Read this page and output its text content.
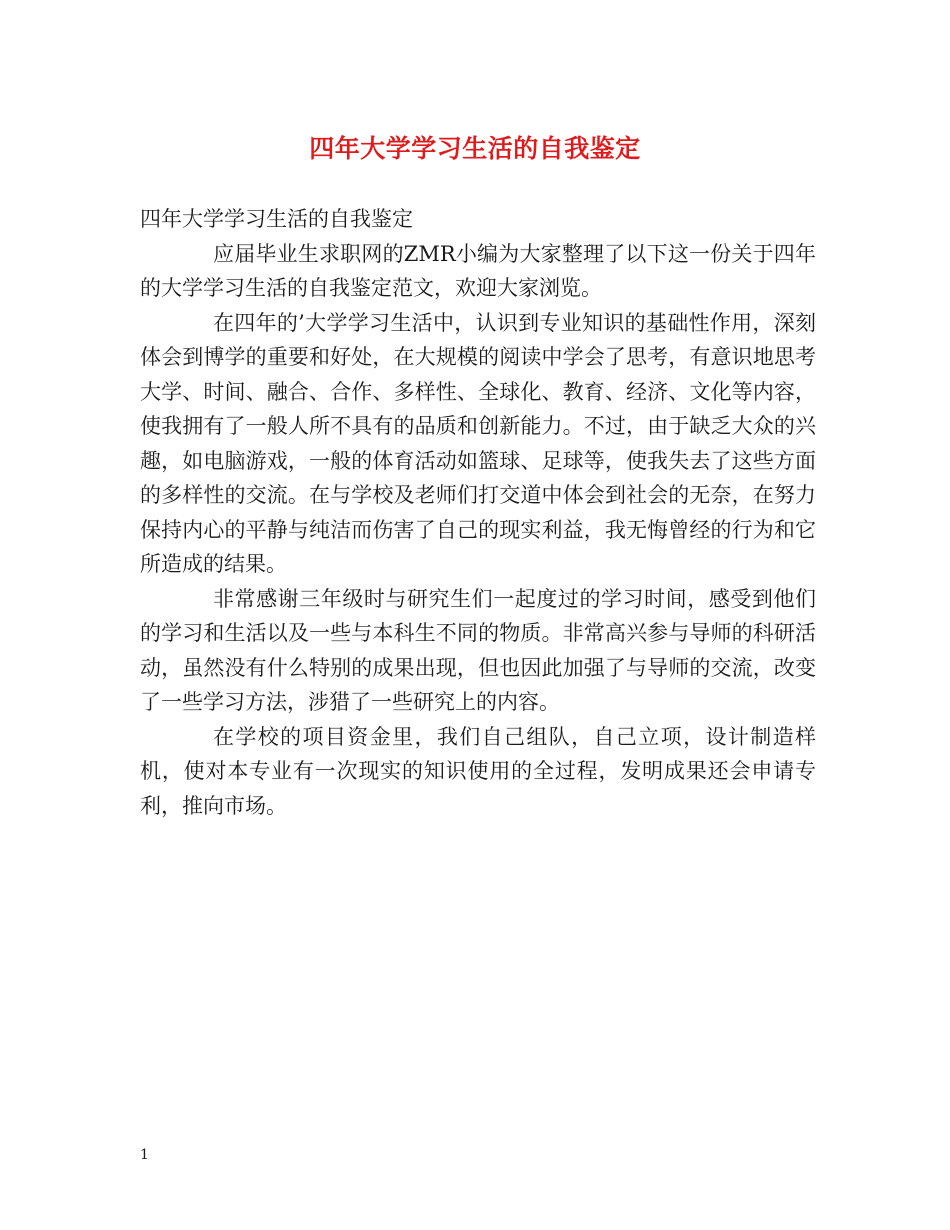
四年大学学习生活的自我鉴定

四年大学学习生活的自我鉴定

应届毕业生求职网的ZMR小编为大家整理了以下这一份关于四年的大学学习生活的自我鉴定范文，欢迎大家浏览。

在四年的’大学学习生活中，认识到专业知识的基础性作用，深刻体会到博学的重要和好处，在大规模的阅读中学会了思考，有意识地思考大学、时间、融合、合作、多样性、全球化、教育、经济、文化等内容，使我拥有了一般人所不具有的品质和创新能力。不过，由于缺乏大众的兴趣，如电脑游戏，一般的体育活动如篮球、足球等，使我失去了这些方面的多样性的交流。在与学校及老师们打交道中体会到社会的无奈，在努力保持内心的平静与纯洁而伤害了自己的现实利益，我无悔曾经的行为和它所造成的结果。

非常感谢三年级时与研究生们一起度过的学习时间，感受到他们的学习和生活以及一些与本科生不同的物质。非常高兴参与导师的科研活动，虽然没有什么特别的成果出现，但也因此加强了与导师的交流，改变了一些学习方法，涉猎了一些研究上的内容。

在学校的项目资金里，我们自己组队，自己立项，设计制造样机，使对本专业有一次现实的知识使用的全过程，发明成果还会申请专利，推向市场。

1
